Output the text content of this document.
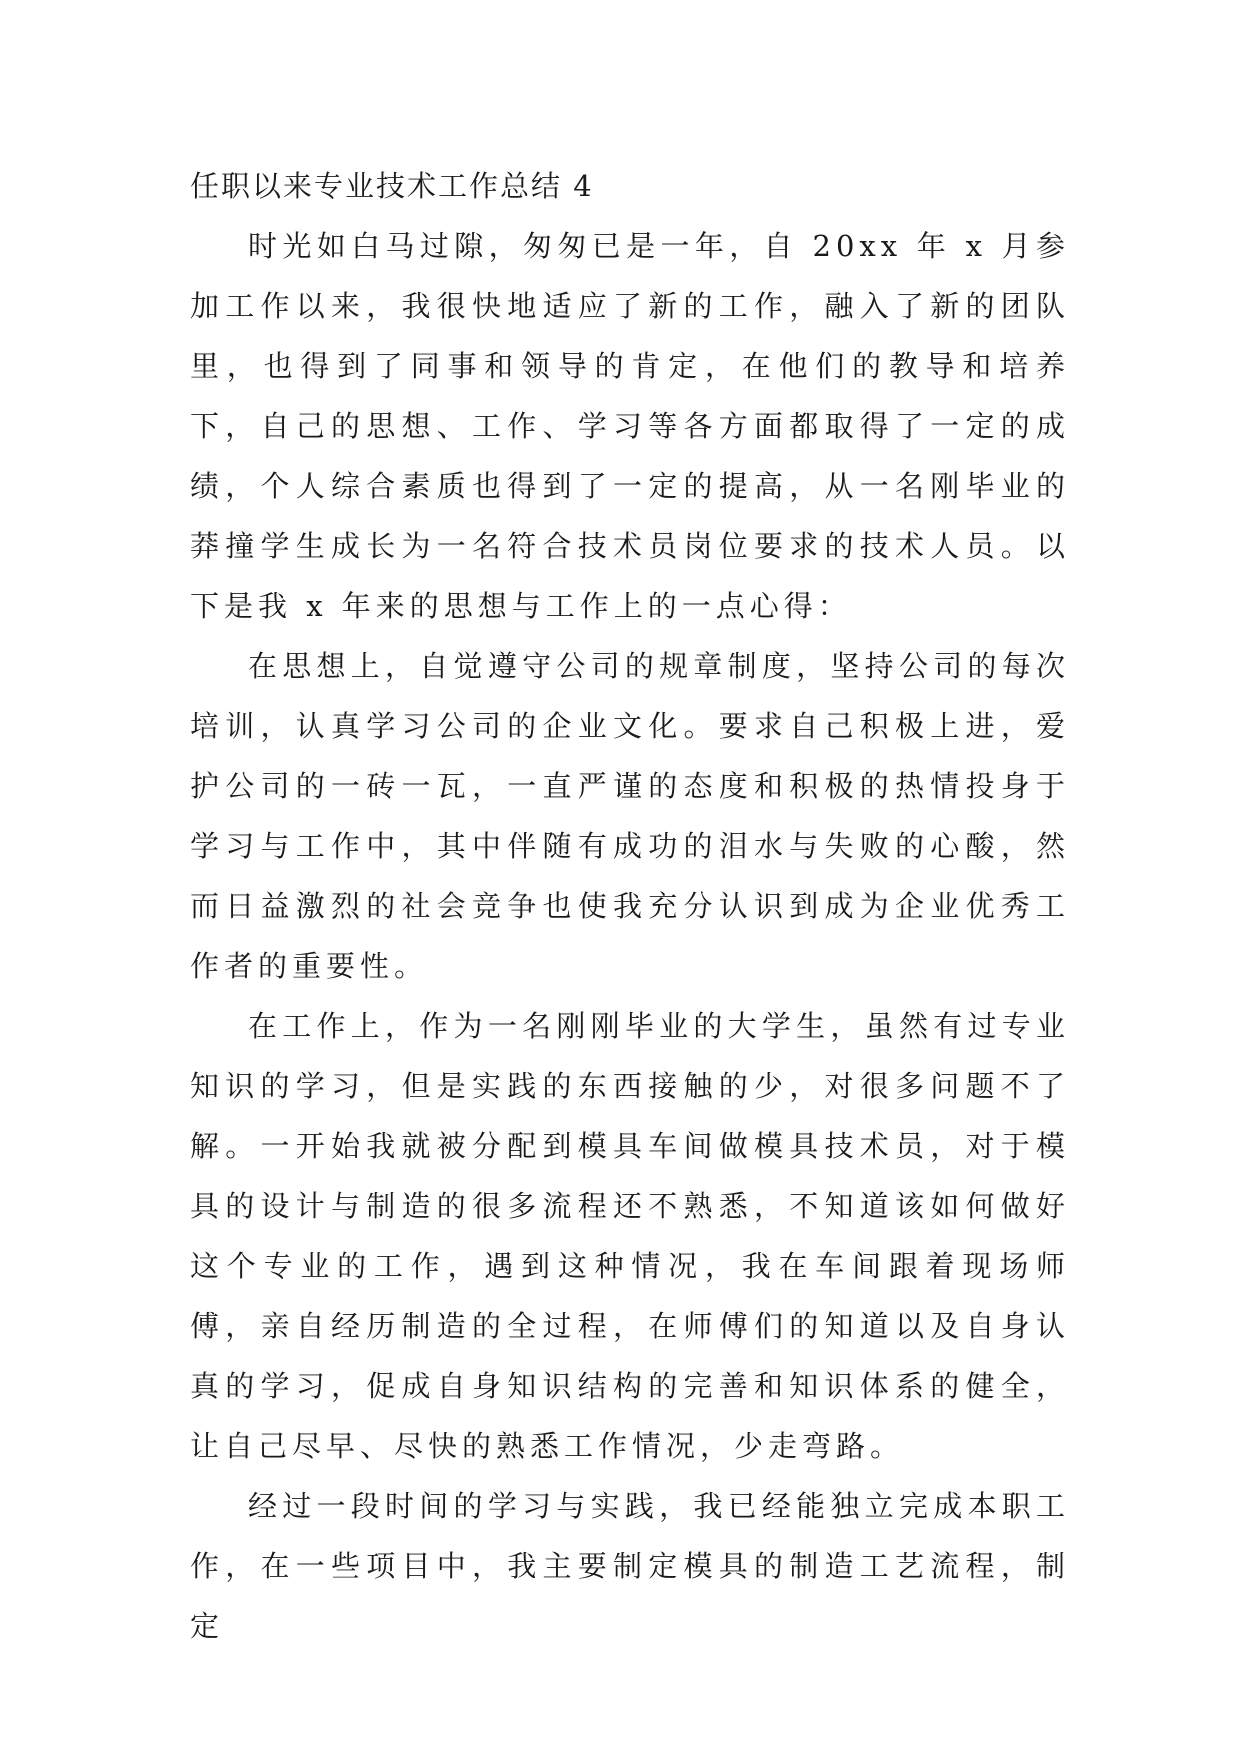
任职以来专业技术工作总结 4

时光如白马过隙，匆匆已是一年，自 20xx 年 x 月参加工作以来，我很快地适应了新的工作，融入了新的团队里，也得到了同事和领导的肯定，在他们的教导和培养下，自己的思想、工作、学习等各方面都取得了一定的成绩，个人综合素质也得到了一定的提高，从一名刚毕业的莽撞学生成长为一名符合技术员岗位要求的技术人员。以下是我 x 年来的思想与工作上的一点心得：

在思想上，自觉遵守公司的规章制度，坚持公司的每次培训，认真学习公司的企业文化。要求自己积极上进，爱护公司的一砖一瓦，一直严谨的态度和积极的热情投身于学习与工作中，其中伴随有成功的泪水与失败的心酸，然而日益激烈的社会竞争也使我充分认识到成为企业优秀工作者的重要性。

在工作上，作为一名刚刚毕业的大学生，虽然有过专业知识的学习，但是实践的东西接触的少，对很多问题不了解。一开始我就被分配到模具车间做模具技术员，对于模具的设计与制造的很多流程还不熟悉，不知道该如何做好这个专业的工作，遇到这种情况，我在车间跟着现场师傅，亲自经历制造的全过程，在师傅们的知道以及自身认真的学习，促成自身知识结构的完善和知识体系的健全，让自己尽早、尽快的熟悉工作情况，少走弯路。

经过一段时间的学习与实践，我已经能独立完成本职工作，在一些项目中，我主要制定模具的制造工艺流程，制定
